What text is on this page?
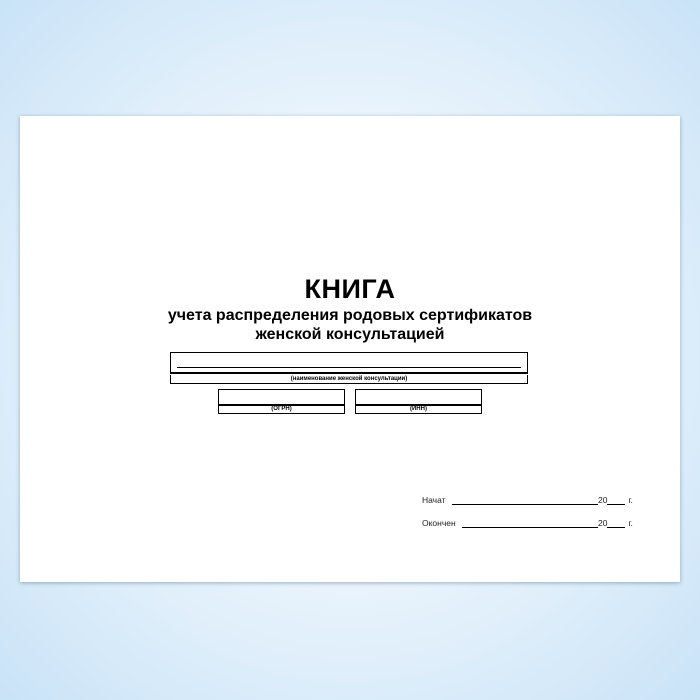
КНИГА
учета распределения родовых сертификатов
женской консультацией
(наименование женской консультации)
(ОГРН)	(ИНН)
Начат	20 г.
Окончен	20 г.
